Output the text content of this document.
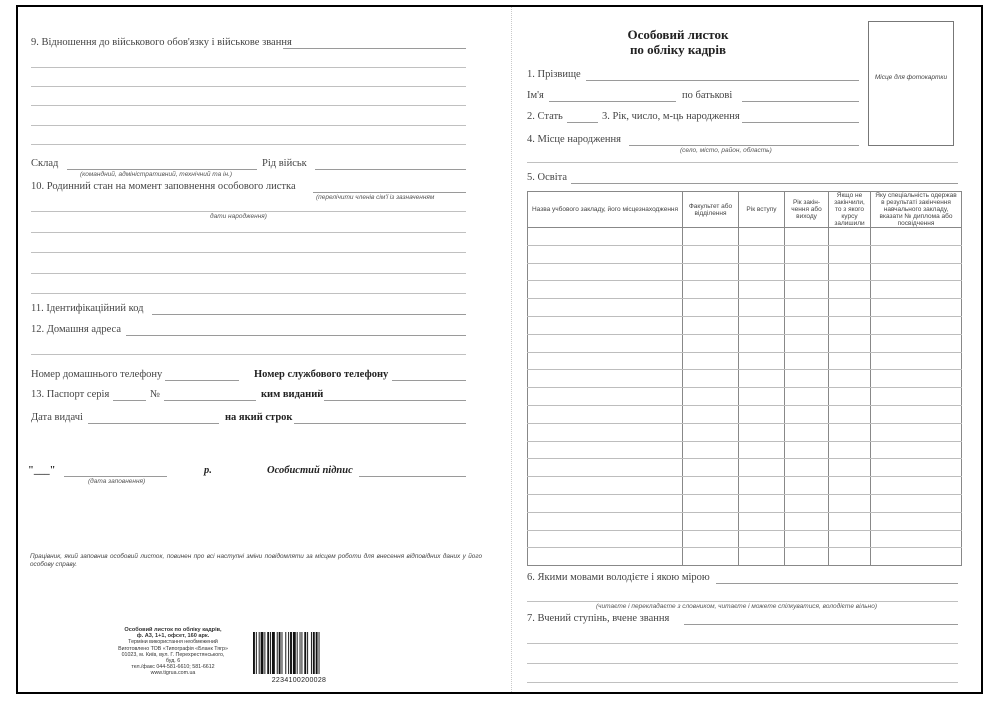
9. Відношення до військового обов'язку і військове звання
Склад
(командний, адміністративний, технічний та ін.)
Рід військ
10. Родинний стан на момент заповнення особового листка
(перелічити членів сім'ї із зазначенням
дати народження)
11. Ідентифікаційний код
12. Домашня адреса
Номер домашнього телефону	Номер службового телефону
13. Паспорт серія	№	ким виданий
Дата видачі	на який строк
"___"
(дата заповнення)
р.	Особистий підпис
Працівник, який заповнив особовий листок, повинен про всі наступні зміни повідомляти за місцем роботи для внесення відповідних даних у його особову справу.
Особовий листок по обліку кадрів,
ф. А3, 1+1, офсет, 160 арк.
Терміни використання необмежений
Виготовлено ТОВ «Типографія «Бланк Тягр»
01023, м. Київ, вул. Г. Перехрестянського, буд. 6
тел./факс 044-581-6610; 581-6612
www.tigrua.com.ua
2234100200028
Особовий листок
по обліку кадрів
Місце для фотокартки
1. Прізвище
Ім'я	по батькові
2. Стать	3. Рік, число, м-ць народження
4. Місце народження
(село, місто, район, область)
5. Освіта
Назва учбового закладу, його місцезнаходження	Факультет або відділення	Рік вступу	Рік закін-чення або виходу	Якщо не закінчили, то з якого курсу залишили	Яку спеціальність одержав в результаті закінчення навчального закладу, вказати № диплома або посвідчення

6. Якими мовами володієте і якою мірою
(читаєте і перекладаєте з словником, читаєте і можете спілкуватися, володієте вільно)
7. Вчений ступінь, вчене звання
